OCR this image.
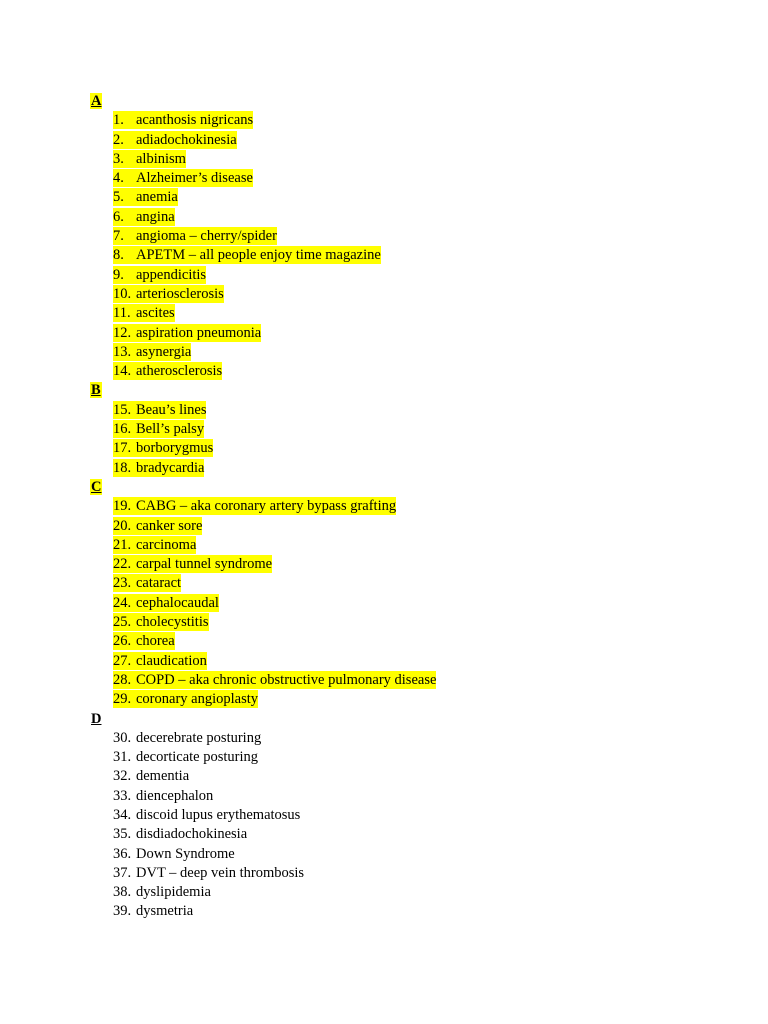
A
1. acanthosis nigricans
2. adiadochokinesia
3. albinism
4. Alzheimer’s disease
5. anemia
6. angina
7. angioma – cherry/spider
8. APETM – all people enjoy time magazine
9. appendicitis
10. arteriosclerosis
11. ascites
12. aspiration pneumonia
13. asynergia
14. atherosclerosis
B
15. Beau’s lines
16. Bell’s palsy
17. borborygmus
18. bradycardia
C
19. CABG – aka coronary artery bypass grafting
20. canker sore
21. carcinoma
22. carpal tunnel syndrome
23. cataract
24. cephalocaudal
25. cholecystitis
26. chorea
27. claudication
28. COPD – aka chronic obstructive pulmonary disease
29. coronary angioplasty
D
30. decerebrate posturing
31. decorticate posturing
32. dementia
33. diencephalon
34. discoid lupus erythematosus
35. disdiadochokinesia
36. Down Syndrome
37. DVT – deep vein thrombosis
38. dyslipidemia
39. dysmetria
